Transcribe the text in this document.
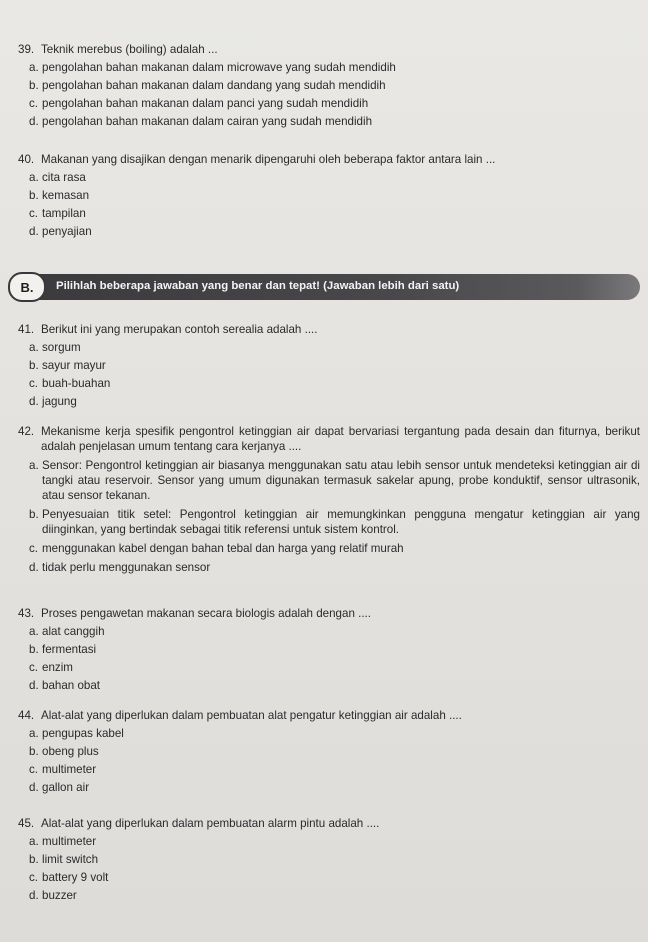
39. Teknik merebus (boiling) adalah ...
a. pengolahan bahan makanan dalam microwave yang sudah mendidih
b. pengolahan bahan makanan dalam dandang yang sudah mendidih
c. pengolahan bahan makanan dalam panci yang sudah mendidih
d. pengolahan bahan makanan dalam cairan yang sudah mendidih
40. Makanan yang disajikan dengan menarik dipengaruhi oleh beberapa faktor antara lain ...
a. cita rasa
b. kemasan
c. tampilan
d. penyajian
B.	Pilihlah beberapa jawaban yang benar dan tepat! (Jawaban lebih dari satu)
41. Berikut ini yang merupakan contoh serealia adalah ....
a. sorgum
b. sayur mayur
c. buah-buahan
d. jagung
42. Mekanisme kerja spesifik pengontrol ketinggian air dapat bervariasi tergantung pada desain dan fiturnya, berikut adalah penjelasan umum tentang cara kerjanya ....
a. Sensor: Pengontrol ketinggian air biasanya menggunakan satu atau lebih sensor untuk mendeteksi ketinggian air di tangki atau reservoir. Sensor yang umum digunakan termasuk sakelar apung, probe konduktif, sensor ultrasonik, atau sensor tekanan.
b. Penyesuaian titik setel: Pengontrol ketinggian air memungkinkan pengguna mengatur ketinggian air yang diinginkan, yang bertindak sebagai titik referensi untuk sistem kontrol.
c. menggunakan kabel dengan bahan tebal dan harga yang relatif murah
d. tidak perlu menggunakan sensor
43. Proses pengawetan makanan secara biologis adalah dengan ....
a. alat canggih
b. fermentasi
c. enzim
d. bahan obat
44. Alat-alat yang diperlukan dalam pembuatan alat pengatur ketinggian air adalah ....
a. pengupas kabel
b. obeng plus
c. multimeter
d. gallon air
45. Alat-alat yang diperlukan dalam pembuatan alarm pintu adalah ....
a. multimeter
b. limit switch
c. battery 9 volt
d. buzzer
